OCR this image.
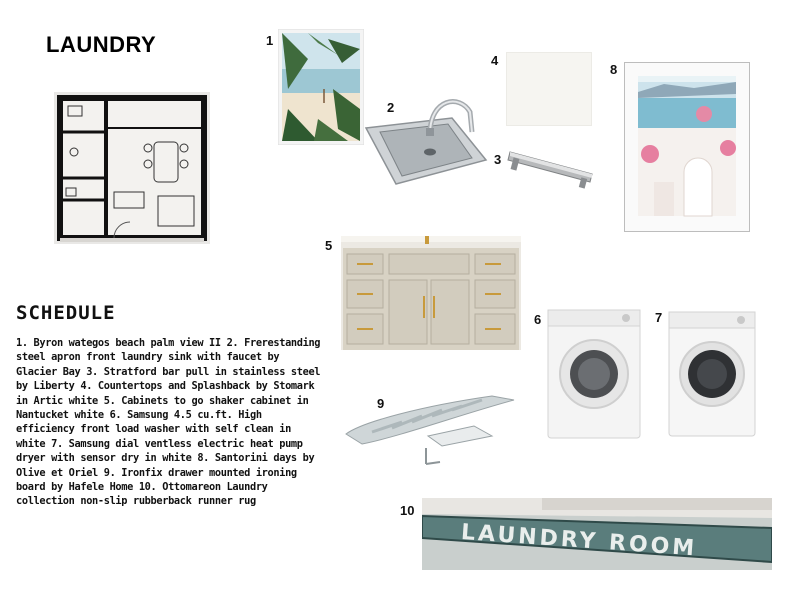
LAUNDRY	1
2
3
4
8
5
6	7
9
10
LAUNDRY ROOM
SCHEDULE
1. Byron wategos beach palm view II 2. Frerestanding steel apron front laundry sink with faucet by Glacier Bay 3. Stratford bar pull in stainless steel by Liberty 4. Countertops and Splashback by Stomark in Artic white 5. Cabinets to go shaker cabinet in Nantucket white 6. Samsung 4.5 cu.ft. High efficiency front load washer with self clean in white 7. Samsung dial ventless electric heat pump dryer with sensor dry in white 8. Santorini days by Olive et Oriel 9. Ironfix drawer mounted ironing board by Hafele Home 10. Ottomareon Laundry collection non-slip rubberback runner rug
